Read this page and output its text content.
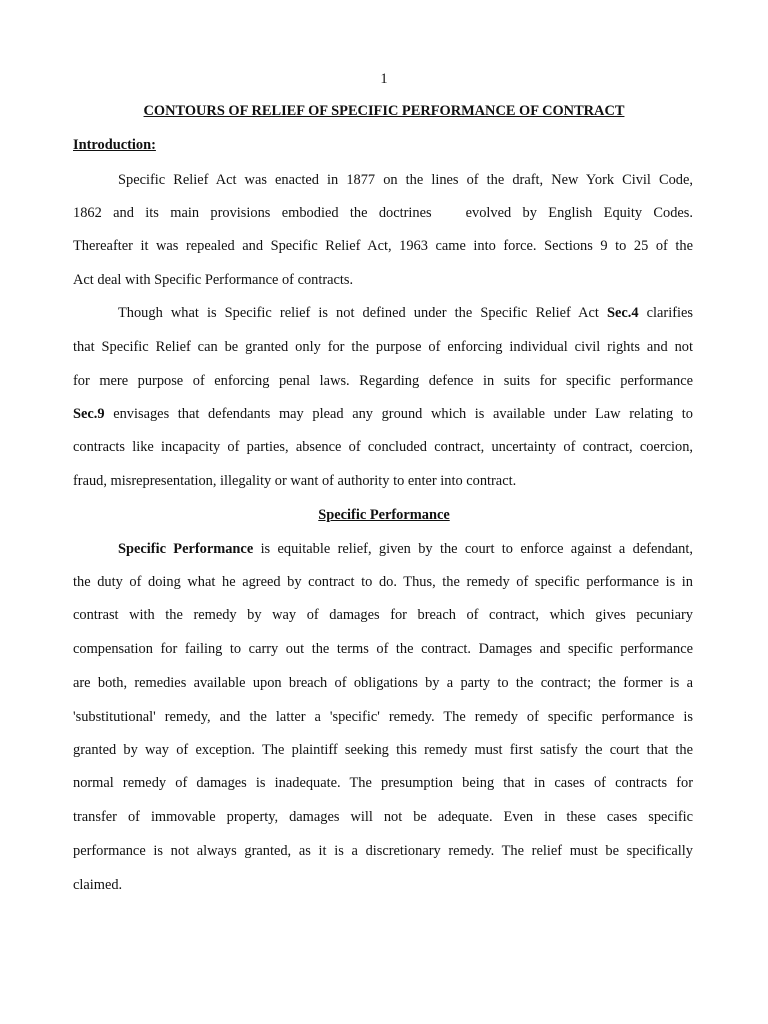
1
CONTOURS OF RELIEF OF SPECIFIC PERFORMANCE OF CONTRACT
Introduction:
Specific Relief Act was enacted in 1877 on the lines of the draft, New York Civil Code,
1862 and its main provisions embodied the doctrines evolved by English Equity Codes.
Thereafter it was repealed and Specific Relief Act, 1963 came into force. Sections 9 to 25 of the
Act deal with Specific Performance of contracts.
Though what is Specific relief is not defined under the Specific Relief Act Sec.4 clarifies
that Specific Relief can be granted only for the purpose of enforcing individual civil rights and not
for mere purpose of enforcing penal laws. Regarding defence in suits for specific performance
Sec.9 envisages that defendants may plead any ground which is available under Law relating to
contracts like incapacity of parties, absence of concluded contract, uncertainty of contract, coercion,
fraud, misrepresentation, illegality or want of authority to enter into contract.
Specific Performance
Specific Performance is equitable relief, given by the court to enforce against a defendant,
the duty of doing what he agreed by contract to do. Thus, the remedy of specific performance is in
contrast with the remedy by way of damages for breach of contract, which gives pecuniary
compensation for failing to carry out the terms of the contract. Damages and specific performance
are both, remedies available upon breach of obligations by a party to the contract; the former is a
'substitutional' remedy, and the latter a 'specific' remedy. The remedy of specific performance is
granted by way of exception. The plaintiff seeking this remedy must first satisfy the court that the
normal remedy of damages is inadequate. The presumption being that in cases of contracts for
transfer of immovable property, damages will not be adequate. Even in these cases specific
performance is not always granted, as it is a discretionary remedy. The relief must be specifically
claimed.
